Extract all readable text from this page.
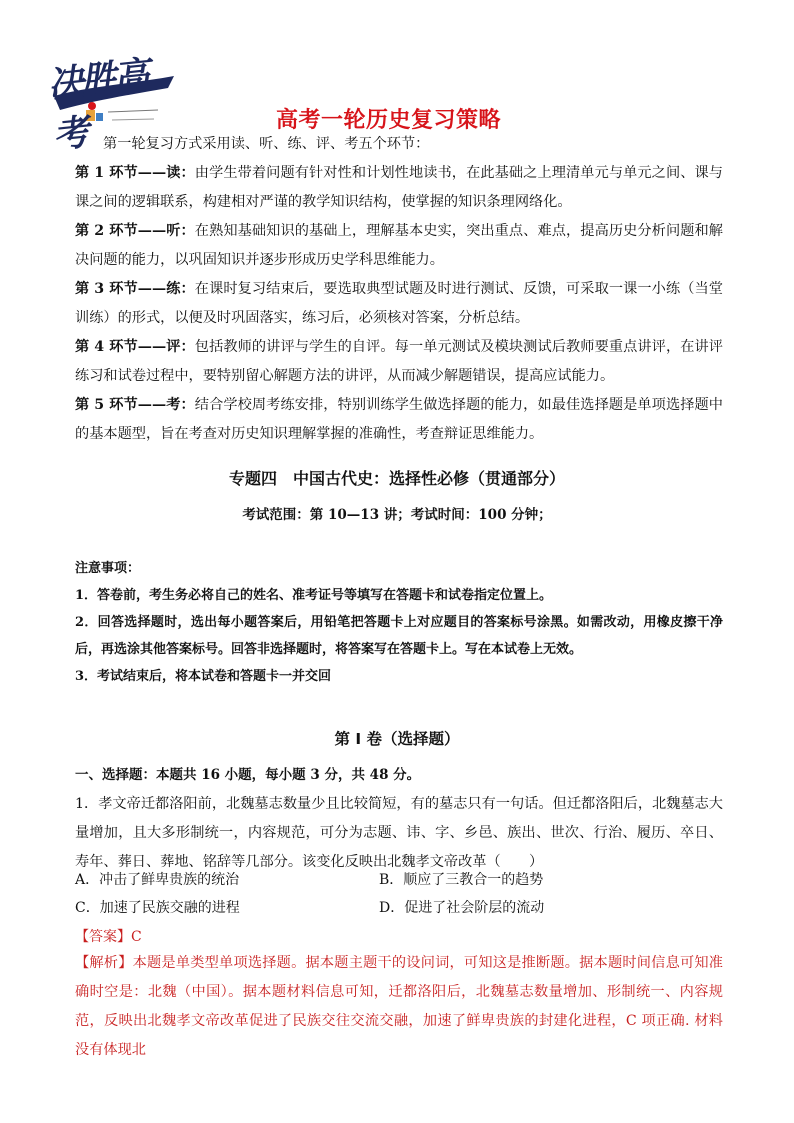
决胜高考	高考一轮历史复习策略

第一轮复习方式采用读、听、练、评、考五个环节：

第 1 环节——读：由学生带着问题有针对性和计划性地读书，在此基础之上理清单元与单元之间、课与课之间的逻辑联系，构建相对严谨的教学知识结构，使掌握的知识条理网络化。

第 2 环节——听：在熟知基础知识的基础上，理解基本史实，突出重点、难点，提高历史分析问题和解决问题的能力，以巩固知识并逐步形成历史学科思维能力。

第 3 环节——练：在课时复习结束后，要选取典型试题及时进行测试、反馈，可采取一课一小练（当堂训练）的形式，以便及时巩固落实，练习后，必须核对答案，分析总结。

第 4 环节——评：包括教师的讲评与学生的自评。每一单元测试及模块测试后教师要重点讲评，在讲评练习和试卷过程中，要特别留心解题方法的讲评，从而减少解题错误，提高应试能力。

第 5 环节——考：结合学校周考练安排，特别训练学生做选择题的能力，如最佳选择题是单项选择题中的基本题型，旨在考查对历史知识理解掌握的准确性，考查辩证思维能力。

专题四　中国古代史：选择性必修（贯通部分）
考试范围：第 10—13 讲；考试时间：100 分钟；

注意事项：

1．答卷前，考生务必将自己的姓名、准考证号等填写在答题卡和试卷指定位置上。

2．回答选择题时，选出每小题答案后，用铅笔把答题卡上对应题目的答案标号涂黑。如需改动，用橡皮擦干净后，再选涂其他答案标号。回答非选择题时，将答案写在答题卡上。写在本试卷上无效。

3．考试结束后，将本试卷和答题卡一并交回

第 I 卷（选择题）

一、选择题：本题共 16 小题，每小题 3 分，共 48 分。

1．孝文帝迁都洛阳前，北魏墓志数量少且比较简短，有的墓志只有一句话。但迁都洛阳后，北魏墓志大量增加，且大多形制统一，内容规范，可分为志题、讳、字、乡邑、族出、世次、行治、履历、卒日、寿年、葬日、葬地、铭辞等几部分。该变化反映出北魏孝文帝改革（　　）

A．冲击了鲜卑贵族的统治	B．顺应了三教合一的趋势
C．加速了民族交融的进程	D．促进了社会阶层的流动
【答案】C

【解析】本题是单类型单项选择题。据本题主题干的设问词，可知这是推断题。据本题时间信息可知准确时空是：北魏（中国）。据本题材料信息可知，迁都洛阳后，北魏墓志数量增加、形制统一、内容规范，反映出北魏孝文帝改革促进了民族交往交流交融，加速了鲜卑贵族的封建化进程，C 项正确. 材料没有体现北
